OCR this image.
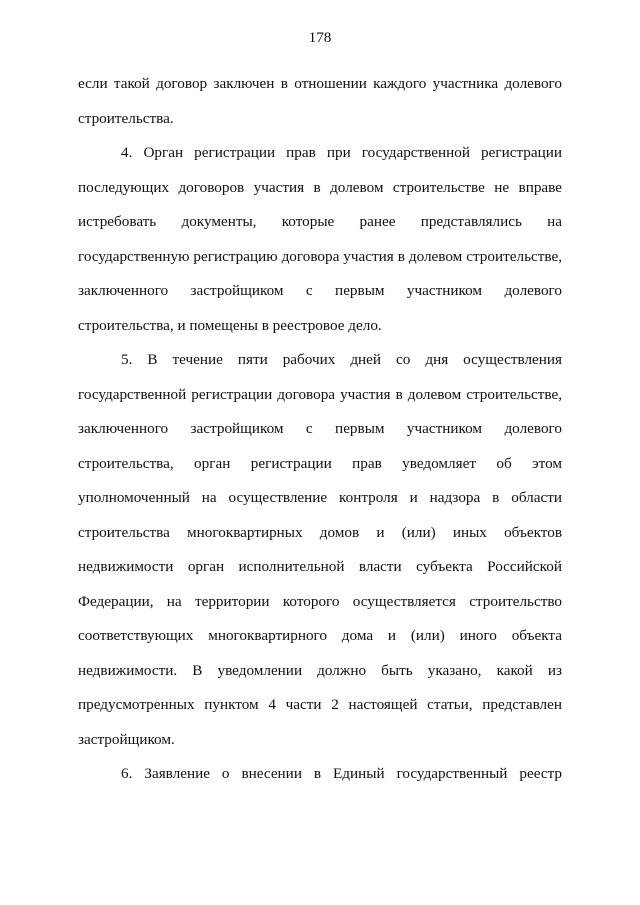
178
если такой договор заключен в отношении каждого участника долевого
строительства.
4. Орган регистрации прав при государственной регистрации
последующих договоров участия в долевом строительстве не вправе
истребовать документы, которые ранее представлялись на
государственную регистрацию договора участия в долевом строительстве,
заключенного застройщиком с первым участником долевого
строительства, и помещены в реестровое дело.
5. В течение пяти рабочих дней со дня осуществления
государственной регистрации договора участия в долевом строительстве,
заключенного застройщиком с первым участником долевого
строительства, орган регистрации прав уведомляет об этом
уполномоченный на осуществление контроля и надзора в области
строительства многоквартирных домов и (или) иных объектов
недвижимости орган исполнительной власти субъекта Российской
Федерации, на территории которого осуществляется строительство
соответствующих многоквартирного дома и (или) иного объекта
недвижимости. В уведомлении должно быть указано, какой из
предусмотренных пунктом 4 части 2 настоящей статьи, представлен
застройщиком.
6. Заявление о внесении в Единый государственный реестр
